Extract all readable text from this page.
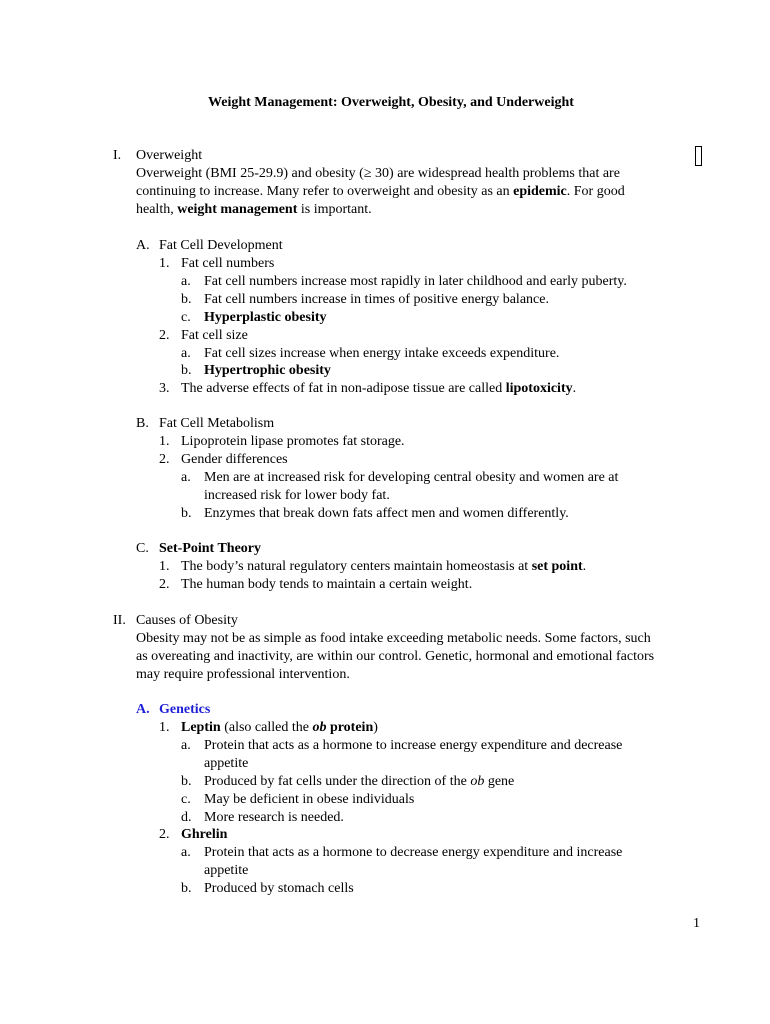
Weight Management: Overweight, Obesity, and Underweight
I. Overweight
Overweight (BMI 25-29.9) and obesity (≥ 30) are widespread health problems that are
continuing to increase. Many refer to overweight and obesity as an epidemic. For good
health, weight management is important.
A. Fat Cell Development
1. Fat cell numbers
a. Fat cell numbers increase most rapidly in later childhood and early puberty.
b. Fat cell numbers increase in times of positive energy balance.
c. Hyperplastic obesity
2. Fat cell size
a. Fat cell sizes increase when energy intake exceeds expenditure.
b. Hypertrophic obesity
3. The adverse effects of fat in non-adipose tissue are called lipotoxicity.
B. Fat Cell Metabolism
1. Lipoprotein lipase promotes fat storage.
2. Gender differences
a. Men are at increased risk for developing central obesity and women are at
increased risk for lower body fat.
b. Enzymes that break down fats affect men and women differently.
C. Set-Point Theory
1. The body’s natural regulatory centers maintain homeostasis at set point.
2. The human body tends to maintain a certain weight.
II. Causes of Obesity
Obesity may not be as simple as food intake exceeding metabolic needs. Some factors, such
as overeating and inactivity, are within our control. Genetic, hormonal and emotional factors
may require professional intervention.
A. Genetics
1. Leptin (also called the ob protein)
a. Protein that acts as a hormone to increase energy expenditure and decrease
appetite
b. Produced by fat cells under the direction of the ob gene
c. May be deficient in obese individuals
d. More research is needed.
2. Ghrelin
a. Protein that acts as a hormone to decrease energy expenditure and increase
appetite
b. Produced by stomach cells
1
